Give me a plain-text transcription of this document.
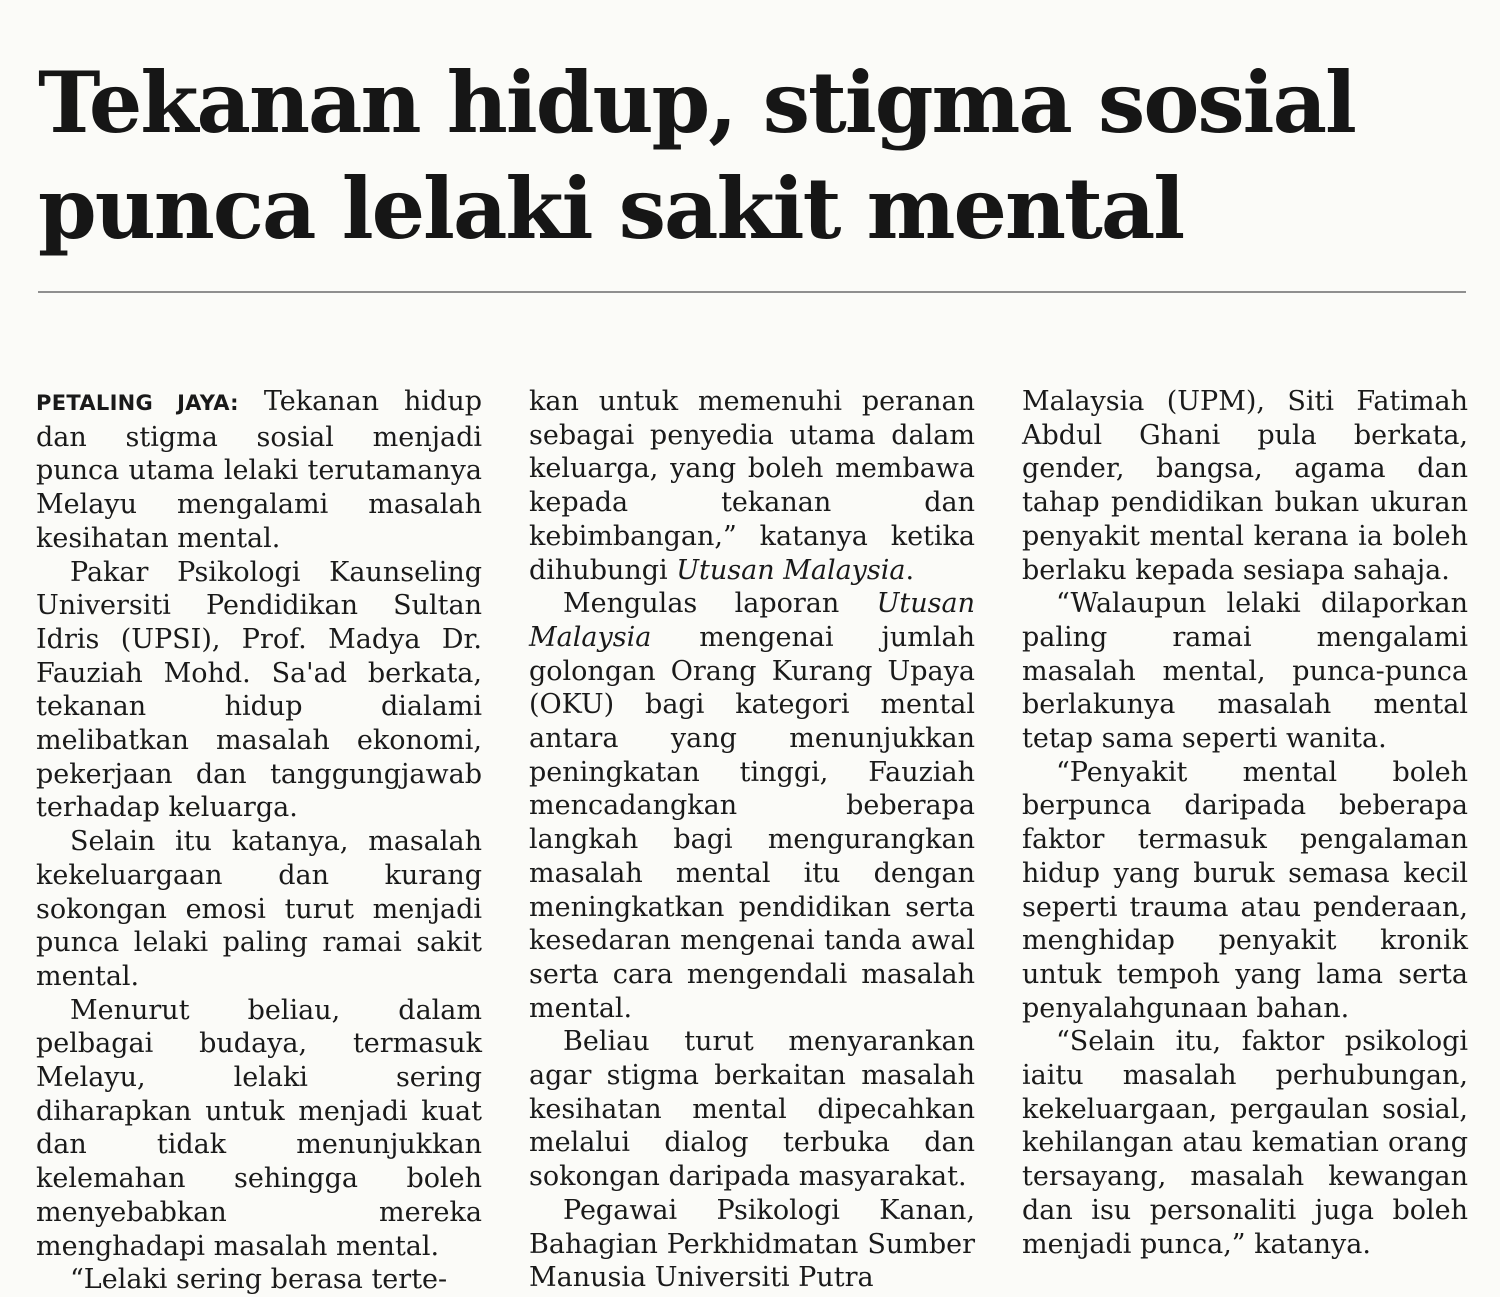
Tekanan hidup, stigma sosial
punca lelaki sakit mental

PETALING JAYA: Tekanan hidup dan stigma sosial menjadi punca utama lelaki terutamanya Melayu mengalami masalah kesihatan mental.

Pakar Psikologi Kaunseling Universiti Pendidikan Sultan Idris (UPSI), Prof. Madya Dr. Fauziah Mohd. Sa'ad berkata, tekanan hidup dialami melibatkan masalah ekonomi, pekerjaan dan tanggungjawab terhadap keluarga.

Selain itu katanya, masalah kekeluargaan dan kurang sokongan emosi turut menjadi punca lelaki paling ramai sakit mental.

Menurut beliau, dalam pelbagai budaya, termasuk Melayu, lelaki sering diharapkan untuk menjadi kuat dan tidak menunjukkan kelemahan sehingga boleh menyebabkan mereka menghadapi masalah mental.

“Lelaki sering berasa terte-

kan untuk memenuhi peranan sebagai penyedia utama dalam keluarga, yang boleh membawa kepada tekanan dan kebimbangan,” katanya ketika dihubungi Utusan Malaysia.

Mengulas laporan Utusan Malaysia mengenai jumlah golongan Orang Kurang Upaya (OKU) bagi kategori mental antara yang menunjukkan peningkatan tinggi, Fauziah mencadangkan beberapa langkah bagi mengurangkan masalah mental itu dengan meningkatkan pendidikan serta kesedaran mengenai tanda awal serta cara mengendali masalah mental.

Beliau turut menyarankan agar stigma berkaitan masalah kesihatan mental dipecahkan melalui dialog terbuka dan sokongan daripada masyarakat.

Pegawai Psikologi Kanan, Bahagian Perkhidmatan Sumber Manusia Universiti Putra

Malaysia (UPM), Siti Fatimah Abdul Ghani pula berkata, gender, bangsa, agama dan tahap pendidikan bukan ukuran penyakit mental kerana ia boleh berlaku kepada sesiapa sahaja.

“Walaupun lelaki dilaporkan paling ramai mengalami masalah mental, punca-punca berlakunya masalah mental tetap sama seperti wanita.

“Penyakit mental boleh berpunca daripada beberapa faktor termasuk pengalaman hidup yang buruk semasa kecil seperti trauma atau penderaan, menghidap penyakit kronik untuk tempoh yang lama serta penyalahgunaan bahan.

“Selain itu, faktor psikologi iaitu masalah perhubungan, kekeluargaan, pergaulan sosial, kehilangan atau kematian orang tersayang, masalah kewangan dan isu personaliti juga boleh menjadi punca,” katanya.
